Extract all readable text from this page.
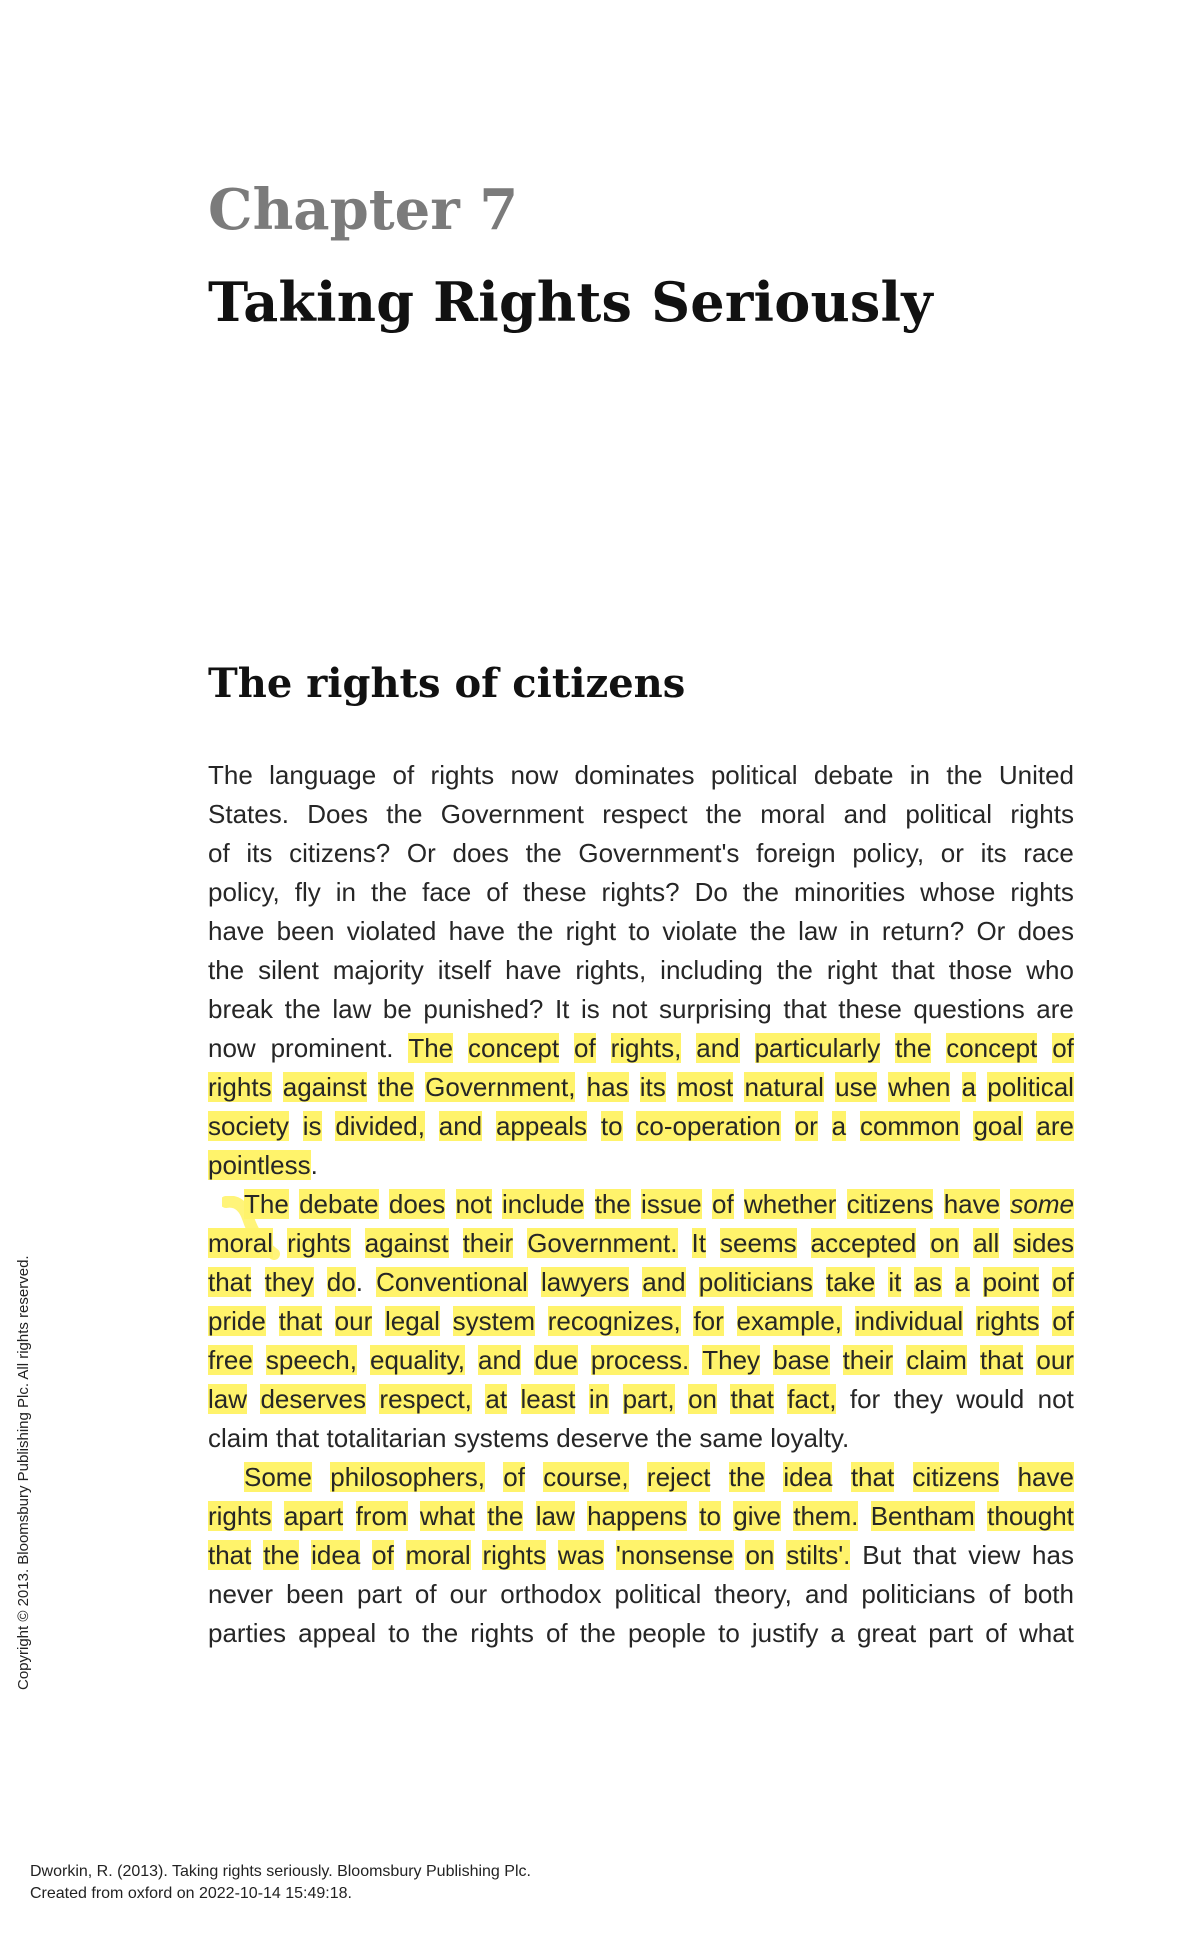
Chapter 7
Taking Rights Seriously
The rights of citizens
The language of rights now dominates political debate in the United
States. Does the Government respect the moral and political rights
of its citizens? Or does the Government's foreign policy, or its race
policy, fly in the face of these rights? Do the minorities whose rights
have been violated have the right to violate the law in return? Or does
the silent majority itself have rights, including the right that those who
break the law be punished? It is not surprising that these questions are
now prominent. The concept of rights, and particularly the concept of
rights against the Government, has its most natural use when a political
society is divided, and appeals to co-operation or a common goal are
pointless.
The debate does not include the issue of whether citizens have some
moral rights against their Government. It seems accepted on all sides
that they do. Conventional lawyers and politicians take it as a point of
pride that our legal system recognizes, for example, individual rights of
free speech, equality, and due process. They base their claim that our
law deserves respect, at least in part, on that fact, for they would not
claim that totalitarian systems deserve the same loyalty.
Some philosophers, of course, reject the idea that citizens have
rights apart from what the law happens to give them. Bentham thought
that the idea of moral rights was 'nonsense on stilts'. But that view has
never been part of our orthodox political theory, and politicians of both
parties appeal to the rights of the people to justify a great part of what
Copyright © 2013. Bloomsbury Publishing Plc. All rights reserved.
Dworkin, R. (2013). Taking rights seriously. Bloomsbury Publishing Plc.
Created from oxford on 2022-10-14 15:49:18.
